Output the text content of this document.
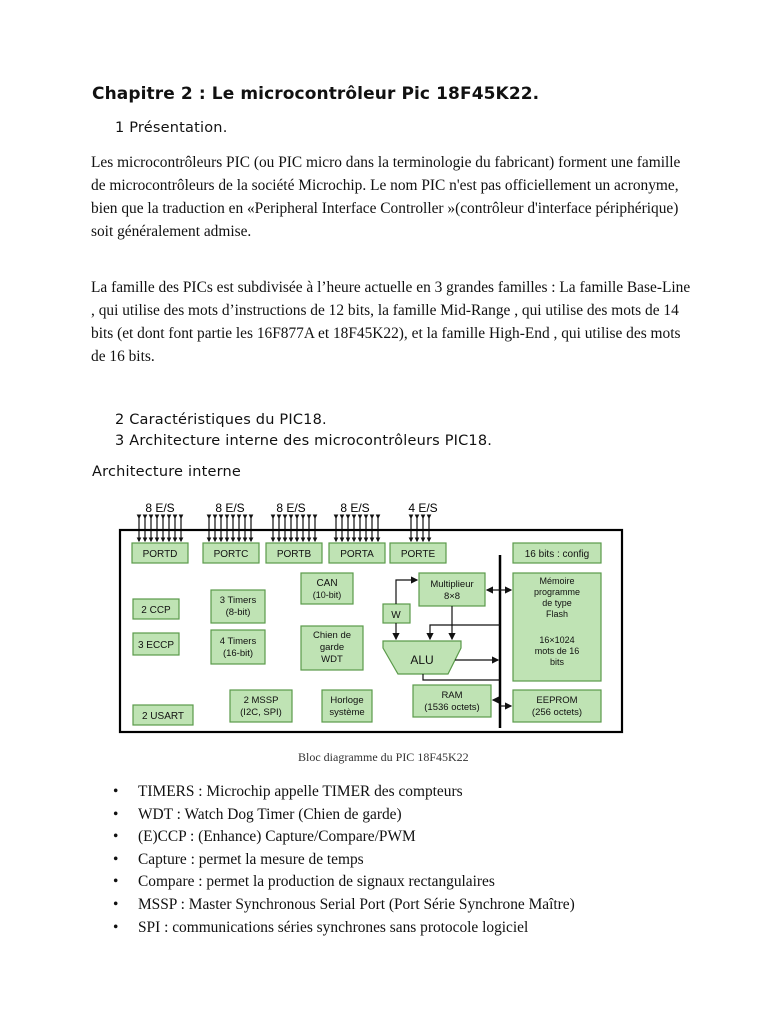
Chapitre 2 : Le microcontrôleur Pic 18F45K22.
1 Présentation.

Les microcontrôleurs PIC (ou PIC micro dans la terminologie du fabricant) forment une famille de microcontrôleurs de la société Microchip. Le nom PIC n'est pas officiellement un acronyme, bien que la traduction en «Peripheral Interface Controller »(contrôleur d'interface périphérique) soit généralement admise.

La famille des PICs est subdivisée à l’heure actuelle en 3 grandes familles : La famille Base-Line , qui utilise des mots d’instructions de 12 bits, la famille Mid-Range , qui utilise des mots de 14 bits (et dont font partie les 16F877A et 18F45K22), et la famille High-End , qui utilise des mots de 16 bits.

2 Caractéristiques du PIC18.
3 Architecture interne des microcontrôleurs PIC18.
Architecture interne
8 E/S	8 E/S	8 E/S	8 E/S	4 E/S
PORTD	PORTC	PORTB	PORTA	PORTE	16 bits : config
CAN
(10-bit)
Multiplieur
8×8
W
ALU
Mémoire
programme
de type
Flash
16×1024
mots de 16
bits
2 CCP
3 Timers
(8-bit)
3 ECCP	4 Timers
(16-bit)
Chien de
garde
WDT
2 USART
2 MSSP
(I2C, SPI)
Horloge
système
RAM
(1536 octets)
EEPROM
(256 octets)
Bloc diagramme du PIC 18F45K22
• TIMERS : Microchip appelle TIMER des compteurs
• WDT : Watch Dog Timer (Chien de garde)
• (E)CCP : (Enhance) Capture/Compare/PWM
• Capture : permet la mesure de temps
• Compare : permet la production de signaux rectangulaires
• MSSP : Master Synchronous Serial Port (Port Série Synchrone Maître)
• SPI : communications séries synchrones sans protocole logiciel
